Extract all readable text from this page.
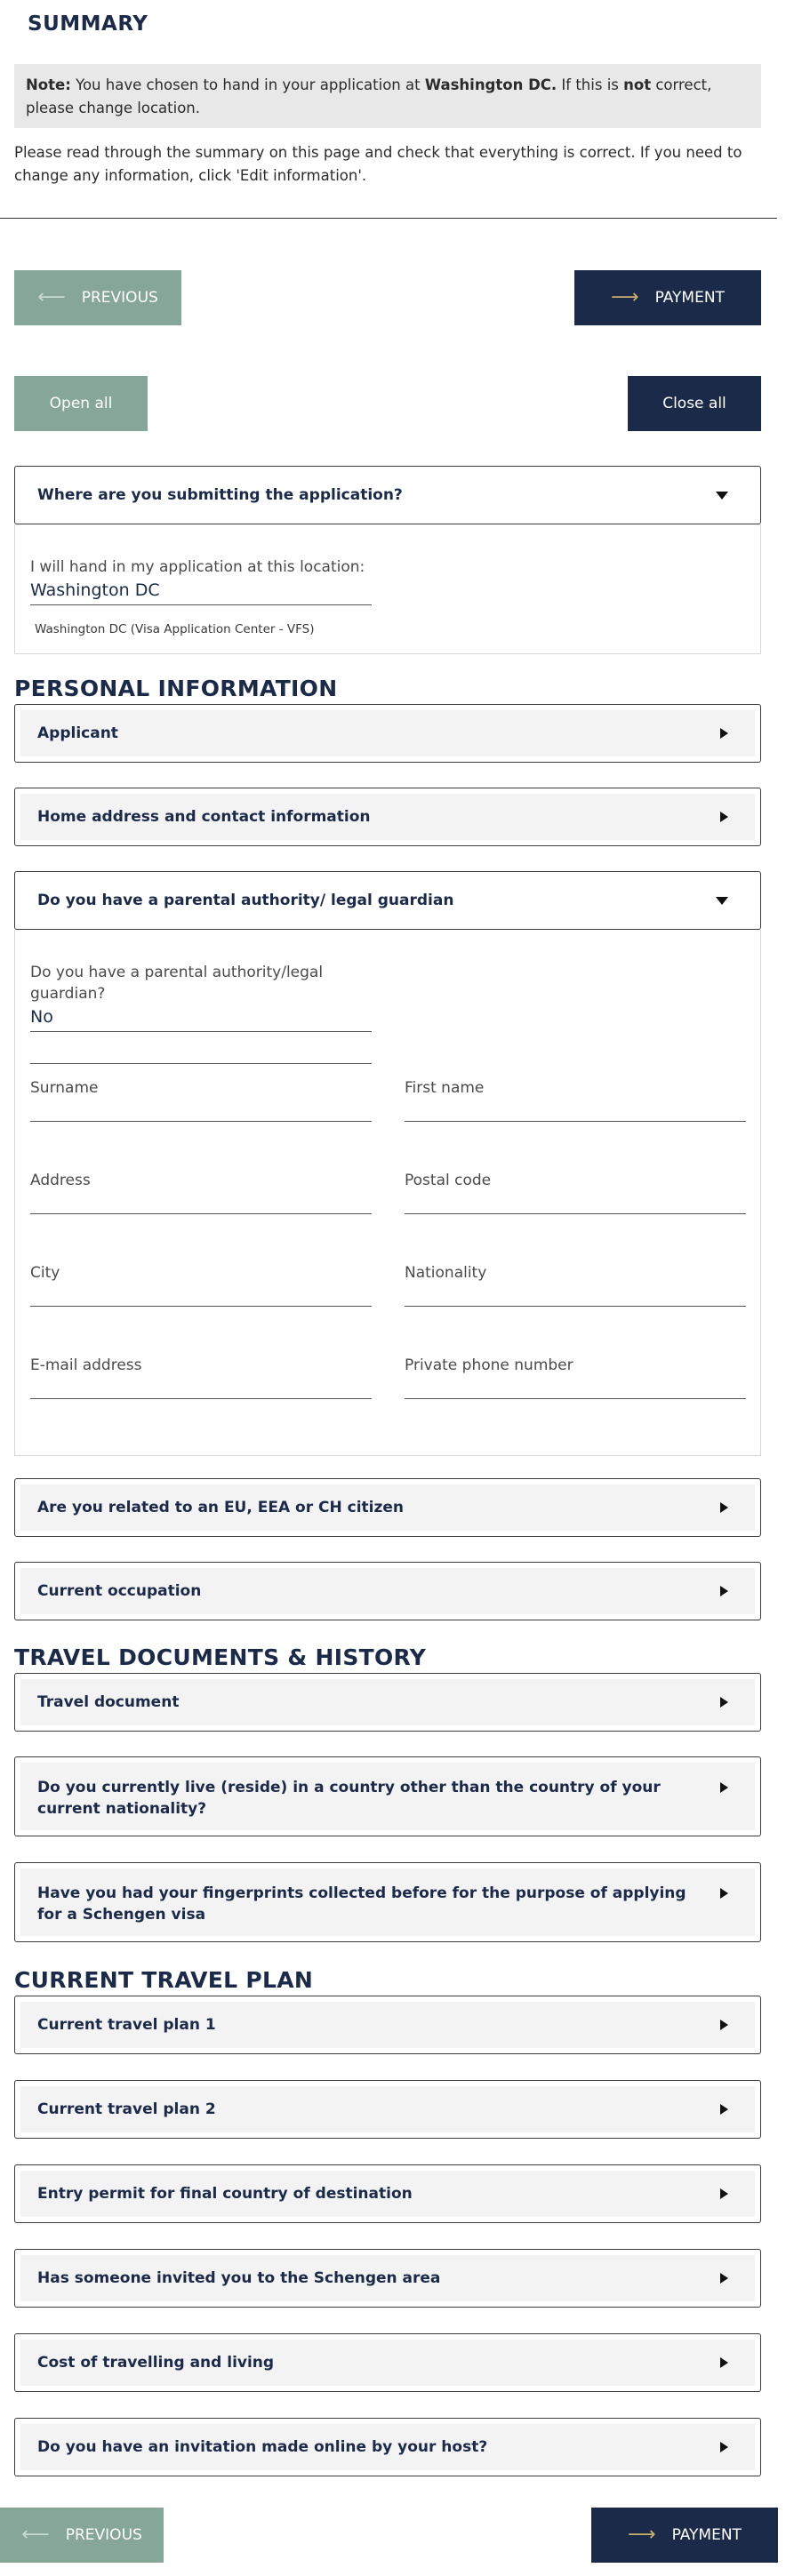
SUMMARY
Note: You have chosen to hand in your application at Washington DC. If this is not correct, please change location.

Please read through the summary on this page and check that everything is correct. If you need to change any information, click 'Edit information'.

⟵ PREVIOUS	⟶ PAYMENT
Open all	Close all
Where are you submitting the application?
I will hand in my application at this location:
Washington DC
Washington DC (Visa Application Center - VFS)
PERSONAL INFORMATION
Applicant
Home address and contact information
Do you have a parental authority/ legal guardian
Do you have a parental authority/legal guardian?
No
Surname	First name
Address	Postal code
City	Nationality
E-mail address	Private phone number
Are you related to an EU, EEA or CH citizen
Current occupation
TRAVEL DOCUMENTS & HISTORY
Travel document
Do you currently live (reside) in a country other than the country of your current nationality?
Have you had your fingerprints collected before for the purpose of applying for a Schengen visa
CURRENT TRAVEL PLAN
Current travel plan 1
Current travel plan 2
Entry permit for final country of destination
Has someone invited you to the Schengen area
Cost of travelling and living
Do you have an invitation made online by your host?
⟵ PREVIOUS	⟶ PAYMENT
